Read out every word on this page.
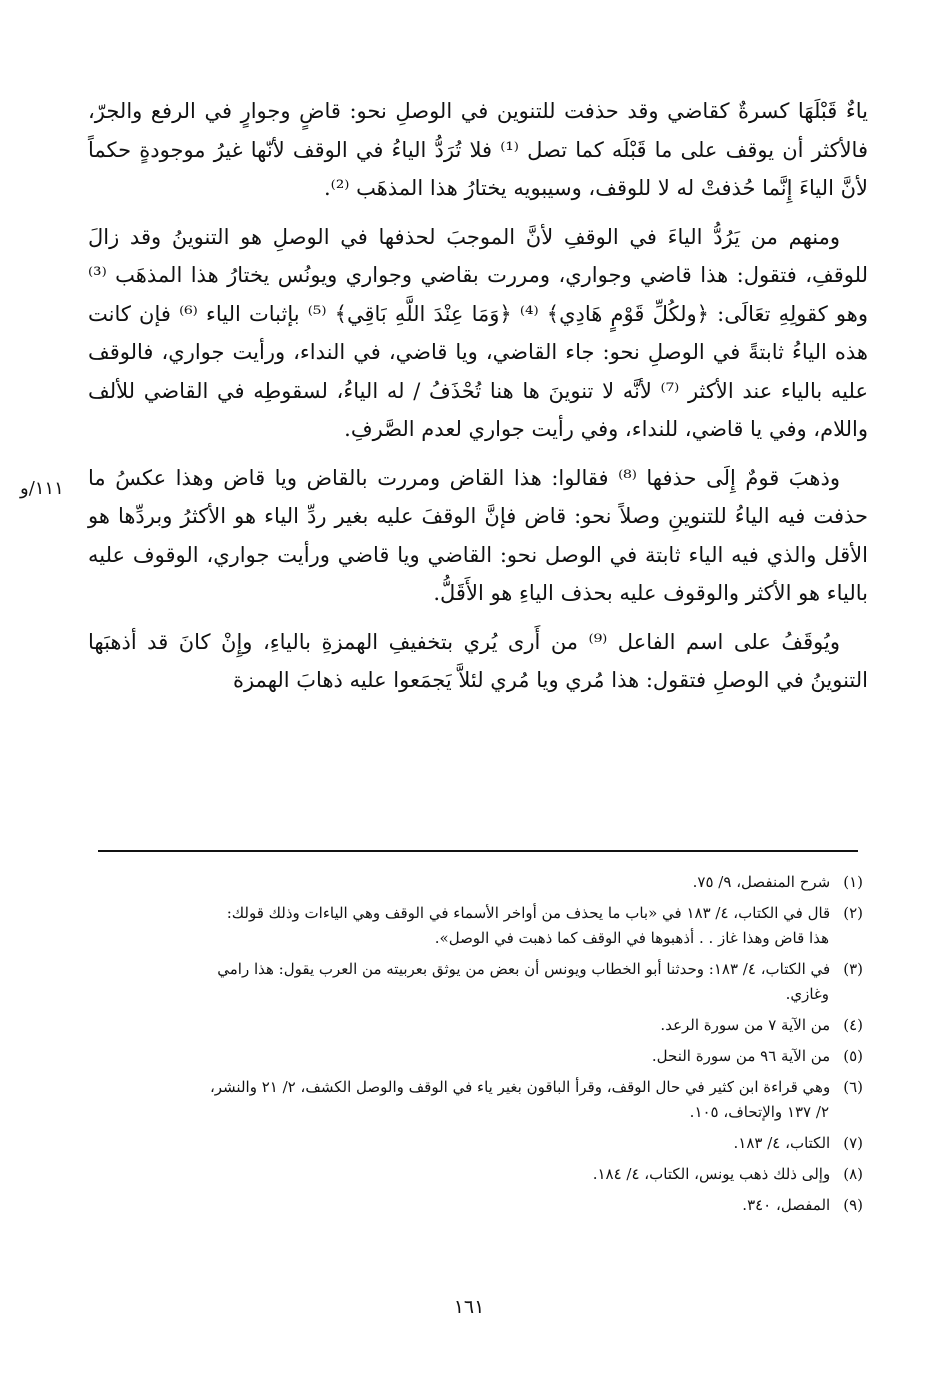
ياءٌ قَبْلَهَا كسرةٌ كقاضي وقد حذفت للتنوين في الوصلِ نحو: قاضٍ وجوارٍ في الرفع والجرّ، فالأكثر أن يوقف على ما قَبْلَه كما تصل ⁽¹⁾ فلا تُرَدُّ الياءُ في الوقف لأنّها غيرُ موجودةٍ حكماً لأنَّ الياءَ إِنَّما حُذفتْ له لا للوقف، وسيبويه يختارُ هذا المذهَب ⁽²⁾.

ومنهم من يَرُدُّ الياءَ في الوقفِ لأنَّ الموجبَ لحذفها في الوصلِ هو التنوينُ وقد زالَ للوقفِ، فتقول: هذا قاضي وجواري، ومررت بقاضي وجواري ويونُس يختارُ هذا المذهَب ⁽³⁾ وهو كقولِهِ تعَالَى: ﴿ولكُلِّ قَوْمٍ هَادِي﴾ ⁽⁴⁾ ﴿وَمَا عِنْدَ اللَّهِ بَاقِي﴾ ⁽⁵⁾ بإثبات الياء ⁽⁶⁾ فإن كانت هذه الياءُ ثابتةً في الوصلِ نحو: جاء القاضي، ويا قاضي، في النداء، ورأيت جواري، فالوقف عليه بالياء عند الأكثر ⁽⁷⁾ لأنَّه لا تنوينَ ها هنا تُحْذَفُ / له الياءُ، لسقوطِه في القاضي للألف واللام، وفي يا قاضي، للنداء، وفي رأيت جواري لعدم الصَّرفِ.

وذهبَ قومٌ إِلَى حذفها ⁽⁸⁾ فقالوا: هذا القاض ومررت بالقاض ويا قاض وهذا عكسُ ما حذفت فيه الياءُ للتنوينِ وصلاً نحو: قاض فإنَّ الوقفَ عليه بغير ردِّ الياء هو الأكثرُ وبردِّها هو الأقل والذي فيه الياء ثابتة في الوصل نحو: القاضي ويا قاضي ورأيت جواري، الوقوف عليه بالياء هو الأكثر والوقوف عليه بحذف الياءِ هو الأَقَلُّ.

ويُوقَفُ على اسم الفاعل ⁽⁹⁾ من أَرى يُري بتخفيفِ الهمزةِ بالياءِ، وإِنْ كانَ قد أذهبَها التنوينُ في الوصلِ فتقول: هذا مُري ويا مُري لئلاَّ يَجمَعوا عليه ذهابَ الهمزة

١١١/و
(١) شرح المنفصل، ٩/ ٧٥.
(٢) قال في الكتاب، ٤/ ١٨٣ في «باب ما يحذف من أواخر الأسماء في الوقف وهي الياءات وذلك قولك:
هذا قاض وهذا غاز . . أذهبوها في الوقف كما ذهبت في الوصل».
(٣) في الكتاب، ٤/ ١٨٣: وحدثنا أبو الخطاب ويونس أن بعض من يوثق بعربيته من العرب يقول: هذا رامي
وغازي.
(٤) من الآية ٧ من سورة الرعد.
(٥) من الآية ٩٦ من سورة النحل.
(٦) وهي قراءة ابن كثير في حال الوقف، وقرأ الباقون بغير ياء في الوقف والوصل الكشف، ٢/ ٢١ والنشر،
٢/ ١٣٧ والإتحاف، ١٠٥.
(٧) الكتاب، ٤/ ١٨٣.
(٨) وإلى ذلك ذهب يونس، الكتاب، ٤/ ١٨٤.
(٩) المفصل، ٣٤٠.
١٦١
